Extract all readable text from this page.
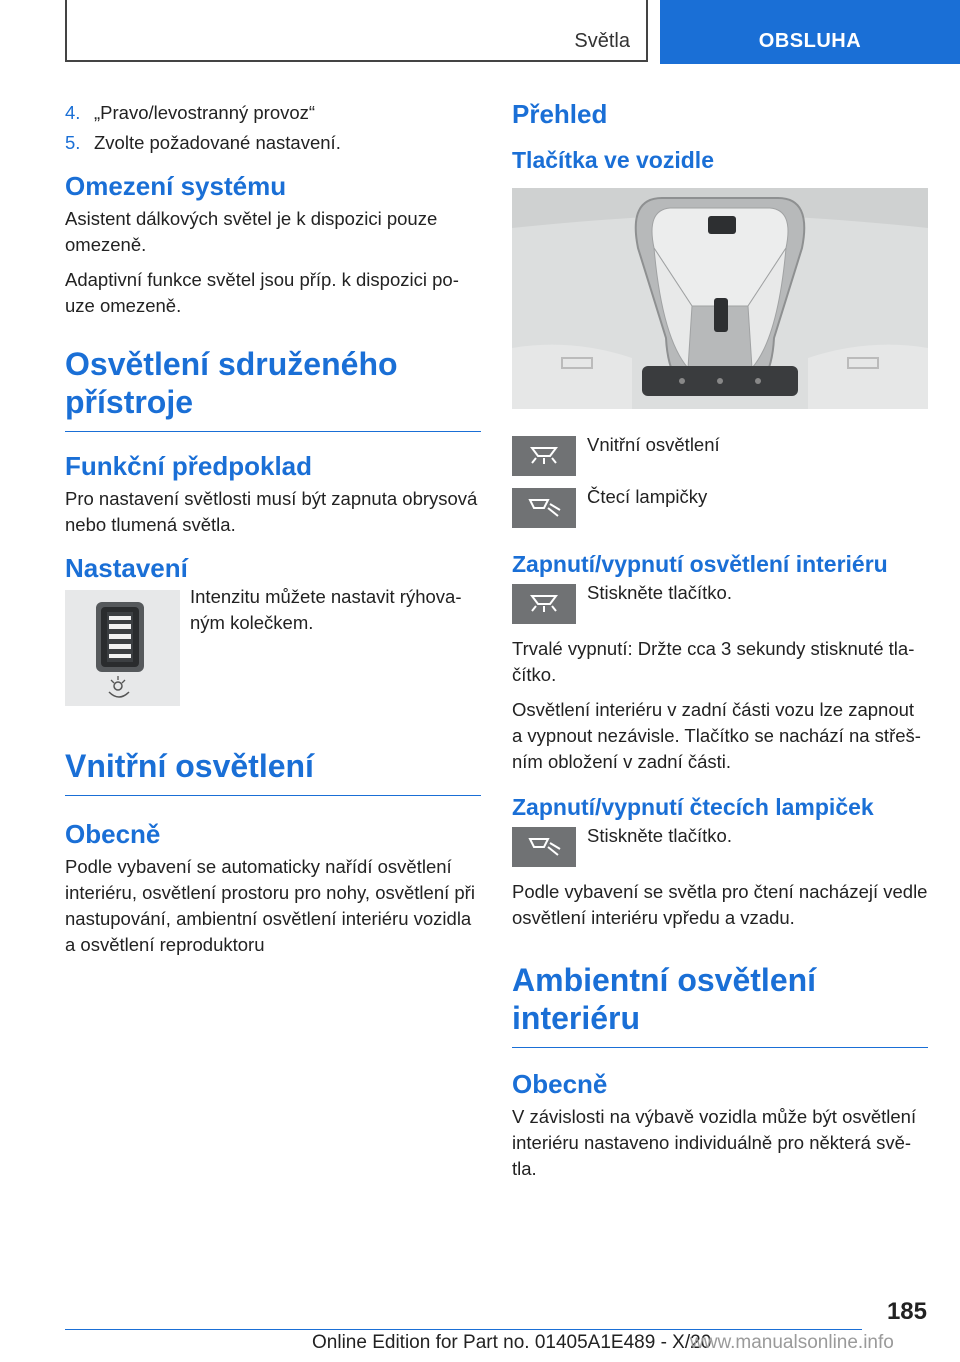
Světla	OBSLUHA
4. „Pravo/levostranný provoz“
5. Zvolte požadované nastavení.
Omezení systému

Asistent dálkových světel je k dispozici pouze omezeně.

Adaptivní funkce světel jsou příp. k dispozici pouze omezeně.

Osvětlení sdruženého přístroje
Funkční předpoklad

Pro nastavení světlosti musí být zapnuta obrysová nebo tlumená světla.

Nastavení

Intenzitu můžete nastavit rýhovaným kolečkem.

Vnitřní osvětlení
Obecně

Podle vybavení se automaticky nařídí osvětlení interiéru, osvětlení prostoru pro nohy, osvětlení při nastupování, ambientní osvětlení interiéru vozidla a osvětlení reproduktoru

Přehled
Tlačítka ve vozidle

Vnitřní osvětlení

Čtecí lampičky

Zapnutí/vypnutí osvětlení interiéru

Stiskněte tlačítko.

Trvalé vypnutí: Držte cca 3 sekundy stisknuté tlačítko.

Osvětlení interiéru v zadní části vozu lze zapnout a vypnout nezávisle. Tlačítko se nachází na střešním obložení v zadní části.

Zapnutí/vypnutí čtecích lampiček

Stiskněte tlačítko.

Podle vybavení se světla pro čtení nacházejí vedle osvětlení interiéru vpředu a vzadu.

Ambientní osvětlení interiéru
Obecně

V závislosti na výbavě vozidla může být osvětlení interiéru nastaveno individuálně pro některá světla.

185
Online Edition for Part no. 01405A1E489 - X/20
www.manualsonline.info
